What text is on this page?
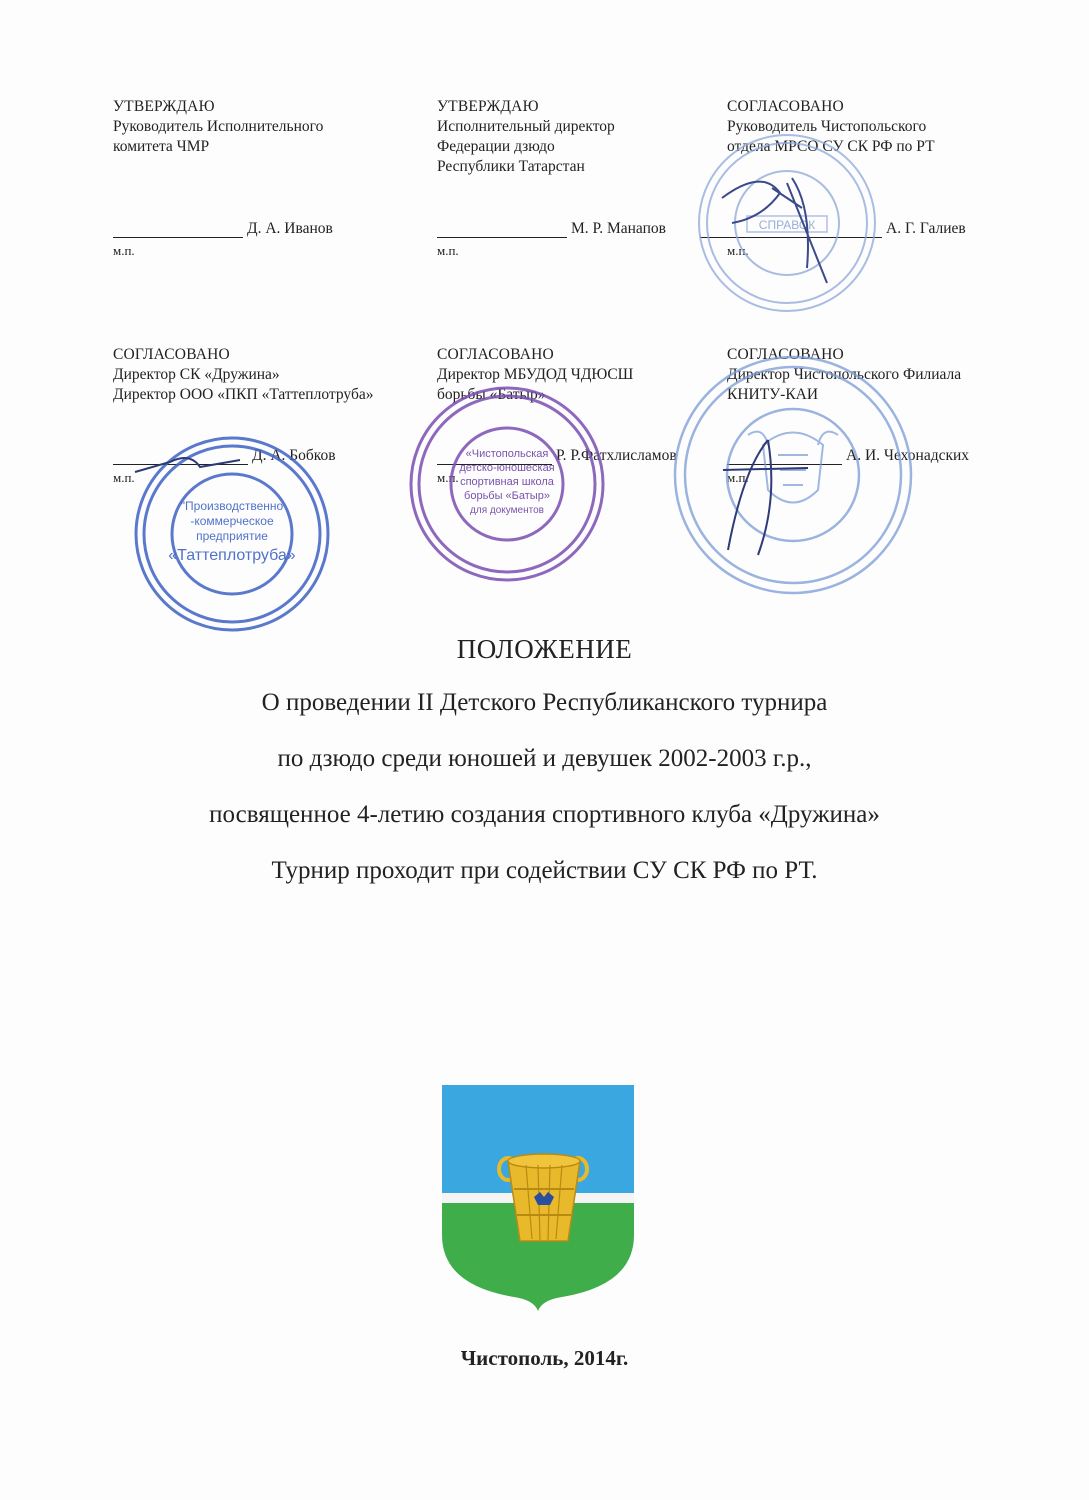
УТВЕРЖДАЮ
Руководитель Исполнительного
комитета ЧМР
Д. А. Иванов
м.п.
УТВЕРЖДАЮ
Исполнительный директор
Федерации дзюдо
Республики Татарстан
М. Р. Манапов
м.п.
СОГЛАСОВАНО
Руководитель Чистопольского
отдела МРСО СУ СК РФ по РТ
А. Г. Галиев
м.п.
СОГЛАСОВАНО
Директор СК «Дружина»
Директор ООО «ПКП «Таттеплотруба»
Д. А. Бобков
м.п.
СОГЛАСОВАНО
Директор МБУДОД ЧДЮСШ
борьбы «Батыр»
Р. Р.Фатхлисламов
м.п.
СОГЛАСОВАНО
Директор Чистопольского Филиала
КНИТУ-КАИ
А. И. Чехонадских
м.п.
СПРАВОК
"Производственно
-коммерческое
предприятие
«Таттеплотруба»
«Чистопольская
детско-юношеская
спортивная школа
борьбы «Батыр»
для документов
ПОЛОЖЕНИЕ
О проведении II Детского Республиканского турнира
по дзюдо среди юношей и девушек 2002-2003 г.р.,
посвященное 4-летию создания спортивного клуба «Дружина»
Турнир проходит при содействии СУ СК РФ по РТ.
Чистополь, 2014г.
